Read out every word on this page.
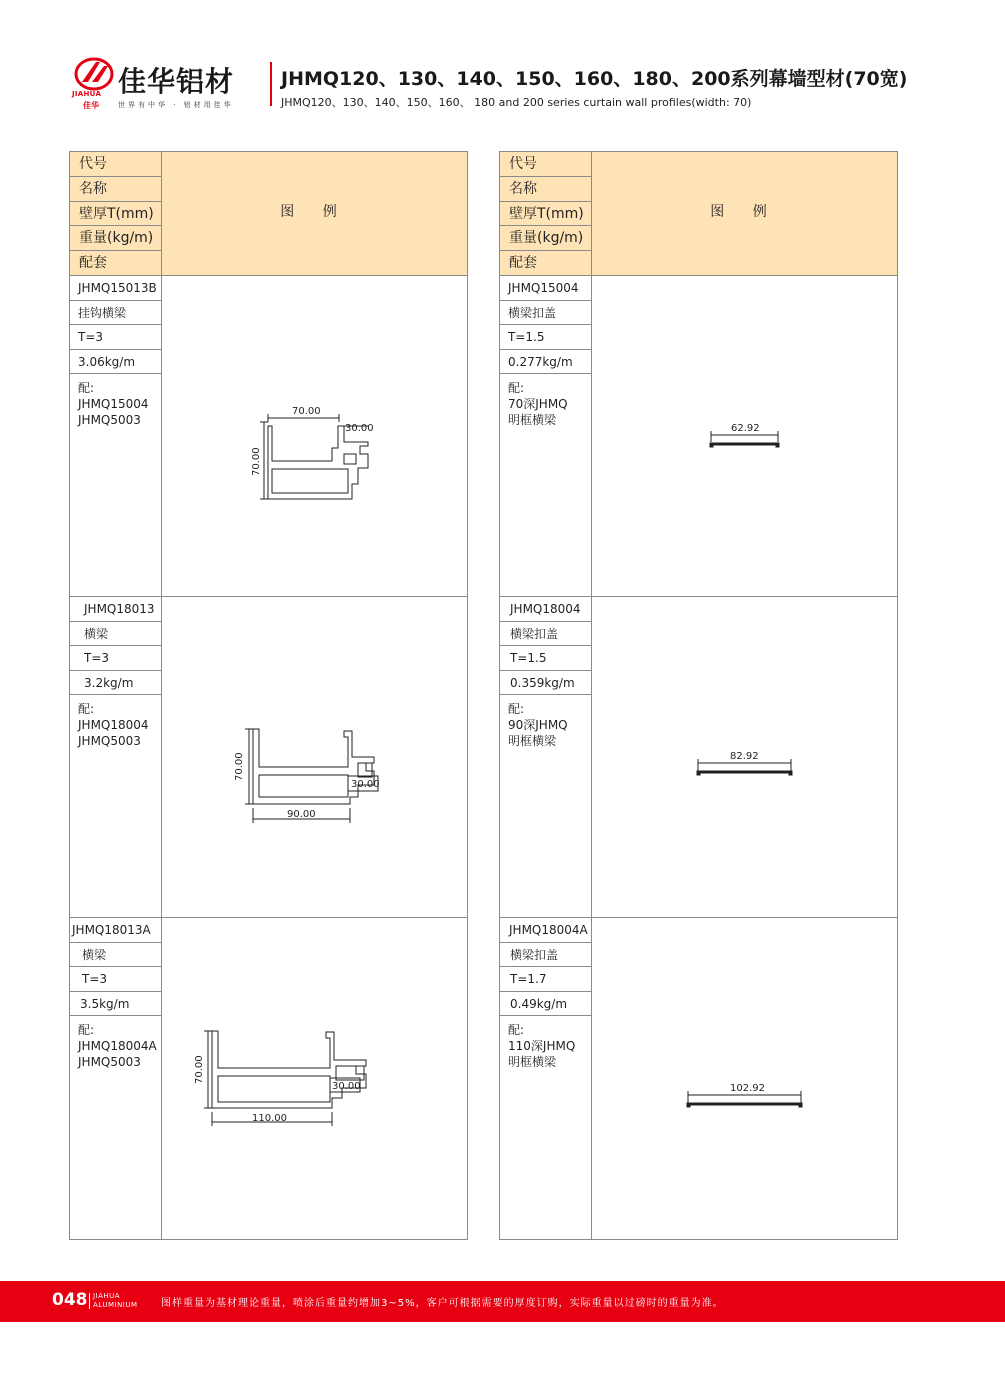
JIAHUA
佳华
佳华铝材
世界有中华 · 铝材用佳华
JHMQ120、130、140、150、160、180、200系列幕墙型材(70宽)
JHMQ120、130、140、150、160、 180 and 200 series curtain wall profiles(width: 70)
代号
名称
壁厚T(mm)
重量(kg/m)
配套
图 例
JHMQ15013B
挂钩横梁
T=3
3.06kg/m
配:
JHMQ15004
JHMQ5003
70.00
30.00
70.00
JHMQ18013
横梁
T=3
3.2kg/m
配:
JHMQ18004
JHMQ5003
90.00
30.00
70.00
JHMQ18013A
横梁
T=3
3.5kg/m
配:
JHMQ18004A
JHMQ5003
110.00
30.00
70.00
代号
名称
壁厚T(mm)
重量(kg/m)
配套
图 例
JHMQ15004
横梁扣盖
T=1.5
0.277kg/m
配:
70深JHMQ
明框横梁
62.92
JHMQ18004
横梁扣盖
T=1.5
0.359kg/m
配:
90深JHMQ
明框横梁
82.92
JHMQ18004A
横梁扣盖
T=1.7
0.49kg/m
配:
110深JHMQ
明框横梁
102.92
048 JIAHUA
ALUMINIUM 图样重量为基材理论重量，喷涂后重量约增加3~5%，客户可根据需要的厚度订购，实际重量以过磅时的重量为准。
